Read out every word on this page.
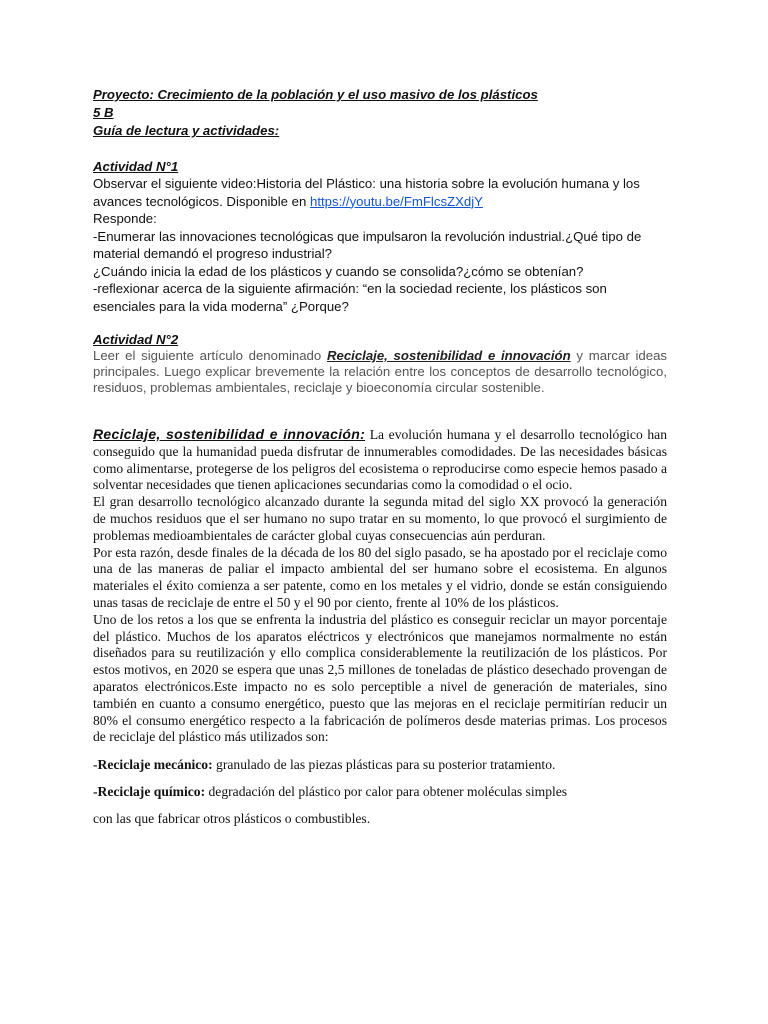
Proyecto: Crecimiento de la población y el uso masivo de los plásticos

5 B

Guía de lectura y actividades:

Actividad N°1

Observar el siguiente video:Historia del Plástico: una historia sobre la evolución humana y los avances tecnológicos. Disponible en https://youtu.be/FmFlcsZXdjY

Responde:

-Enumerar las innovaciones tecnológicas que impulsaron la revolución industrial.¿Qué tipo de material demandó el progreso industrial?

¿Cuándo inicia la edad de los plásticos y cuando se consolida?¿cómo se obtenían?

-reflexionar acerca de la siguiente afirmación: “en la sociedad reciente, los plásticos son esenciales para la vida moderna” ¿Porque?

Actividad N°2

Leer el siguiente artículo denominado Reciclaje, sostenibilidad e innovación y marcar ideas principales. Luego explicar brevemente la relación entre los conceptos de desarrollo tecnológico, residuos, problemas ambientales, reciclaje y bioeconomía circular sostenible.

Reciclaje, sostenibilidad e innovación: La evolución humana y el desarrollo tecnológico han conseguido que la humanidad pueda disfrutar de innumerables comodidades. De las necesidades básicas como alimentarse, protegerse de los peligros del ecosistema o reproducirse como especie hemos pasado a solventar necesidades que tienen aplicaciones secundarias como la comodidad o el ocio.

El gran desarrollo tecnológico alcanzado durante la segunda mitad del siglo XX provocó la generación de muchos residuos que el ser humano no supo tratar en su momento, lo que provocó el surgimiento de problemas medioambientales de carácter global cuyas consecuencias aún perduran.

Por esta razón, desde finales de la década de los 80 del siglo pasado, se ha apostado por el reciclaje como una de las maneras de paliar el impacto ambiental del ser humano sobre el ecosistema. En algunos materiales el éxito comienza a ser patente, como en los metales y el vidrio, donde se están consiguiendo unas tasas de reciclaje de entre el 50 y el 90 por ciento, frente al 10% de los plásticos.

Uno de los retos a los que se enfrenta la industria del plástico es conseguir reciclar un mayor porcentaje del plástico. Muchos de los aparatos eléctricos y electrónicos que manejamos normalmente no están diseñados para su reutilización y ello complica considerablemente la reutilización de los plásticos. Por estos motivos, en 2020 se espera que unas 2,5 millones de toneladas de plástico desechado provengan de aparatos electrónicos.Este impacto no es solo perceptible a nivel de generación de materiales, sino también en cuanto a consumo energético, puesto que las mejoras en el reciclaje permitirían reducir un 80% el consumo energético respecto a la fabricación de polímeros desde materias primas. Los procesos de reciclaje del plástico más utilizados son:

-Reciclaje mecánico: granulado de las piezas plásticas para su posterior tratamiento.

-Reciclaje químico: degradación del plástico por calor para obtener moléculas simples

con las que fabricar otros plásticos o combustibles.
